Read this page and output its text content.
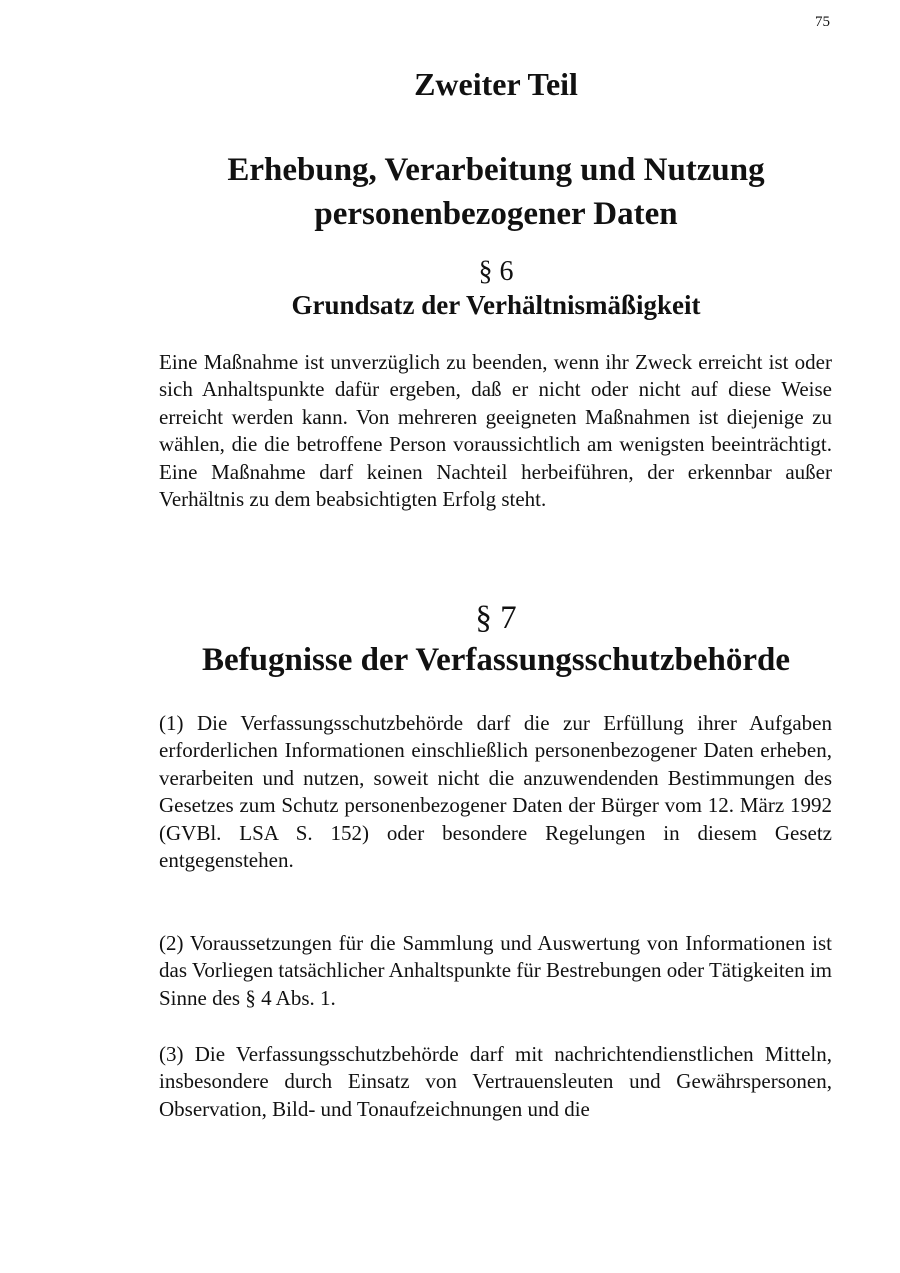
75
Zweiter Teil
Erhebung, Verarbeitung und Nutzung
personenbezogener Daten
§ 6
Grundsatz der Verhältnismäßigkeit

Eine Maßnahme ist unverzüglich zu beenden, wenn ihr Zweck erreicht ist oder sich Anhaltspunkte dafür ergeben, daß er nicht oder nicht auf diese Weise erreicht werden kann. Von mehreren geeigneten Maßnahmen ist diejenige zu wählen, die die betroffene Person voraussichtlich am wenigsten beeinträchtigt. Eine Maßnahme darf keinen Nachteil herbeiführen, der erkennbar außer Verhältnis zu dem beabsichtigten Erfolg steht.

§ 7
Befugnisse der Verfassungsschutzbehörde

(1) Die Verfassungsschutzbehörde darf die zur Erfüllung ihrer Aufgaben erforderlichen Informationen einschließlich personenbezogener Daten erheben, verarbeiten und nutzen, soweit nicht die anzuwendenden Bestimmungen des Gesetzes zum Schutz personenbezogener Daten der Bürger vom 12. März 1992 (GVBl. LSA S. 152) oder besondere Regelungen in diesem Gesetz entgegenstehen.

(2) Voraussetzungen für die Sammlung und Auswertung von Informationen ist das Vorliegen tatsächlicher Anhaltspunkte für Bestrebungen oder Tätigkeiten im Sinne des § 4 Abs. 1.

(3) Die Verfassungsschutzbehörde darf mit nachrichtendienstlichen Mitteln, insbesondere durch Einsatz von Vertrauensleuten und Gewährspersonen, Observation, Bild- und Tonaufzeichnungen und die
